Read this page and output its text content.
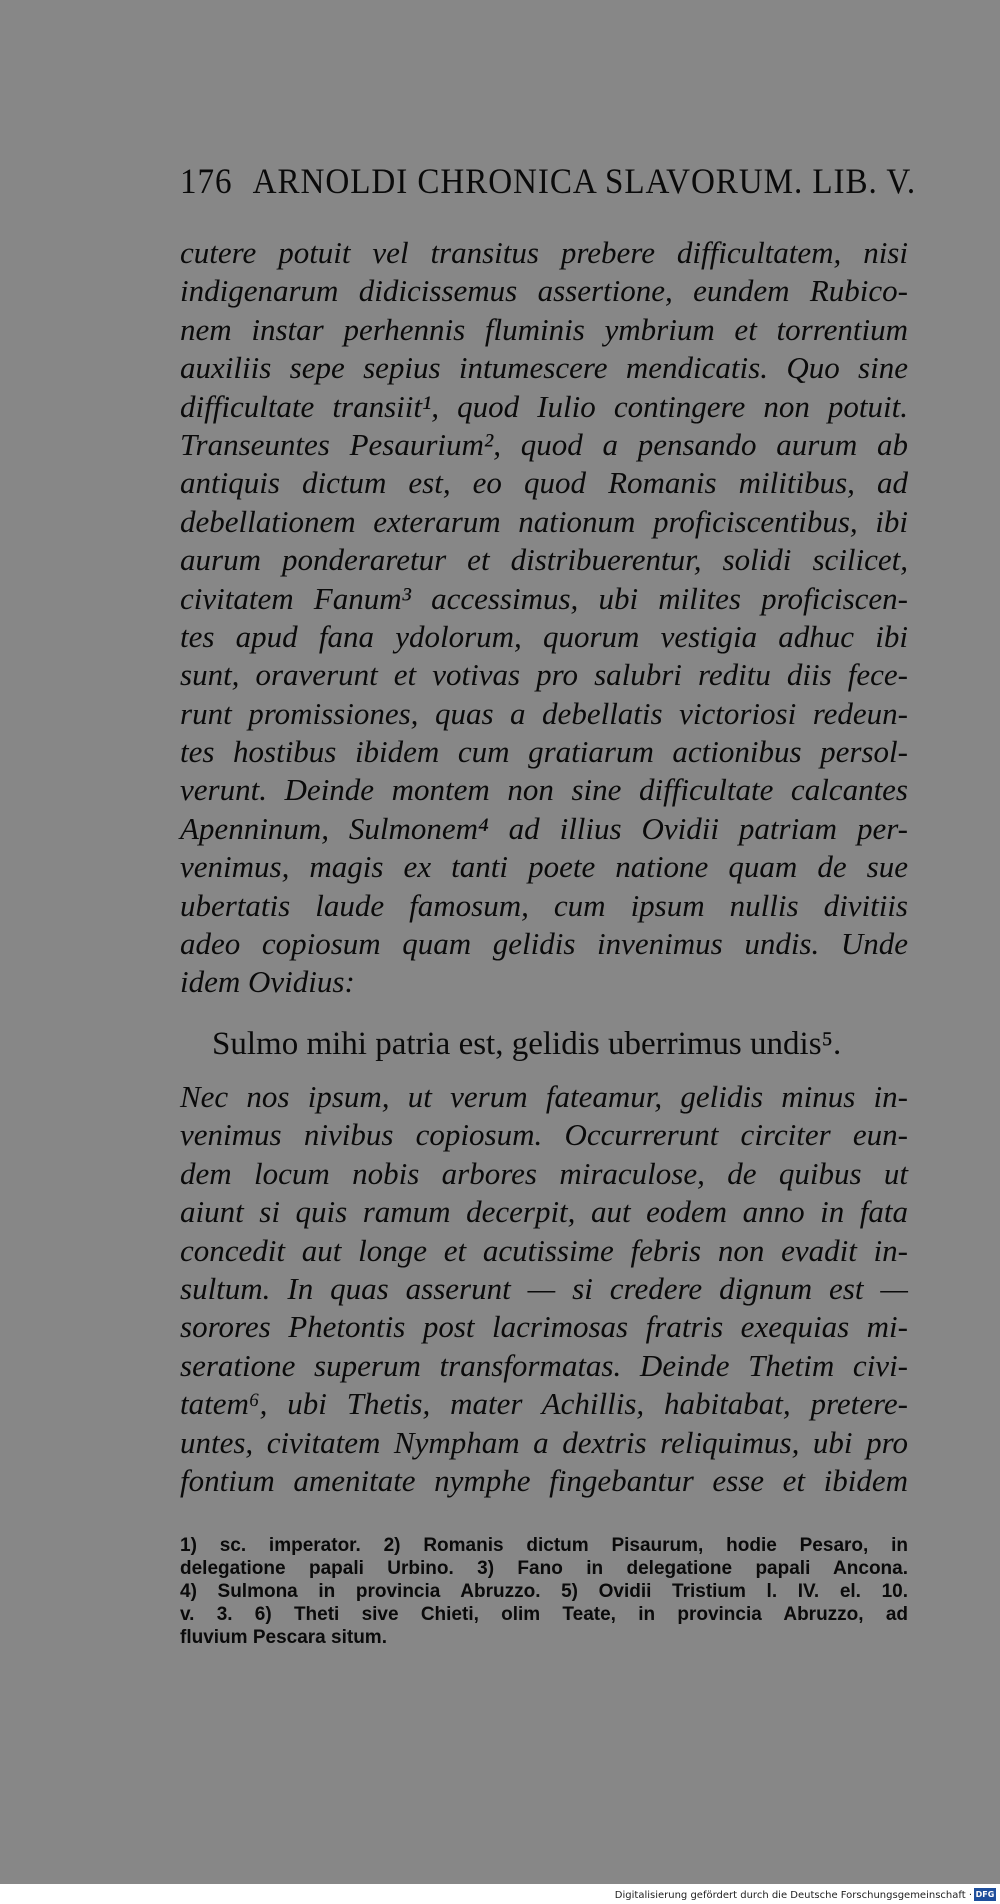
176 ARNOLDI CHRONICA SLAVORUM. LIB. V.
cutere potuit vel transitus prebere difficultatem, nisi
indigenarum didicissemus assertione, eundem Rubico-
nem instar perhennis fluminis ymbrium et torrentium
auxiliis sepe sepius intumescere mendicatis. Quo sine
difficultate transiit¹, quod Iulio contingere non potuit.
Transeuntes Pesaurium², quod a pensando aurum ab
antiquis dictum est, eo quod Romanis militibus, ad
debellationem exterarum nationum proficiscentibus, ibi
aurum ponderaretur et distribuerentur, solidi scilicet,
civitatem Fanum³ accessimus, ubi milites proficiscen-
tes apud fana ydolorum, quorum vestigia adhuc ibi
sunt, oraverunt et votivas pro salubri reditu diis fece-
runt promissiones, quas a debellatis victoriosi redeun-
tes hostibus ibidem cum gratiarum actionibus persol-
verunt. Deinde montem non sine difficultate calcantes
Apenninum, Sulmonem⁴ ad illius Ovidii patriam per-
venimus, magis ex tanti poete natione quam de sue
ubertatis laude famosum, cum ipsum nullis divitiis
adeo copiosum quam gelidis invenimus undis. Unde
idem Ovidius:
Sulmo mihi patria est, gelidis uberrimus undis⁵.
Nec nos ipsum, ut verum fateamur, gelidis minus in-
venimus nivibus copiosum. Occurrerunt circiter eun-
dem locum nobis arbores miraculose, de quibus ut
aiunt si quis ramum decerpit, aut eodem anno in fata
concedit aut longe et acutissime febris non evadit in-
sultum. In quas asserunt — si credere dignum est —
sorores Phetontis post lacrimosas fratris exequias mi-
seratione superum transformatas. Deinde Thetim civi-
tatem⁶, ubi Thetis, mater Achillis, habitabat, pretere-
untes, civitatem Nympham a dextris reliquimus, ubi pro
fontium amenitate nymphe fingebantur esse et ibidem
1) sc. imperator. 2) Romanis dictum Pisaurum, hodie Pesaro, in
delegatione papali Urbino. 3) Fano in delegatione papali Ancona.
4) Sulmona in provincia Abruzzo. 5) Ovidii Tristium l. IV. el. 10.
v. 3. 6) Theti sive Chieti, olim Teate, in provincia Abruzzo, ad
fluvium Pescara situm.
Digitalisierung gefördert durch die Deutsche Forschungsgemeinschaft · DFG
